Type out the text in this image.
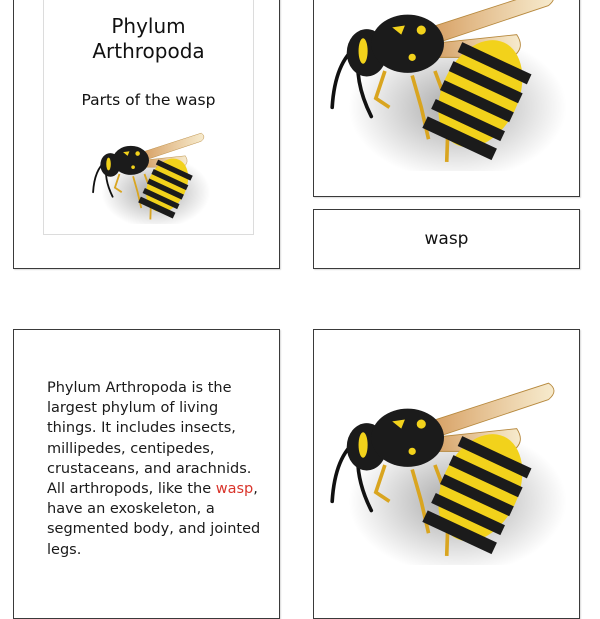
Phylum
Arthropoda
Parts of the wasp
wasp
Phylum Arthropoda is the largest phylum of living things. It includes insects, millipedes, centipedes, crustaceans, and arachnids. All arthropods, like the wasp, have an exoskeleton, a segmented body, and jointed legs.
